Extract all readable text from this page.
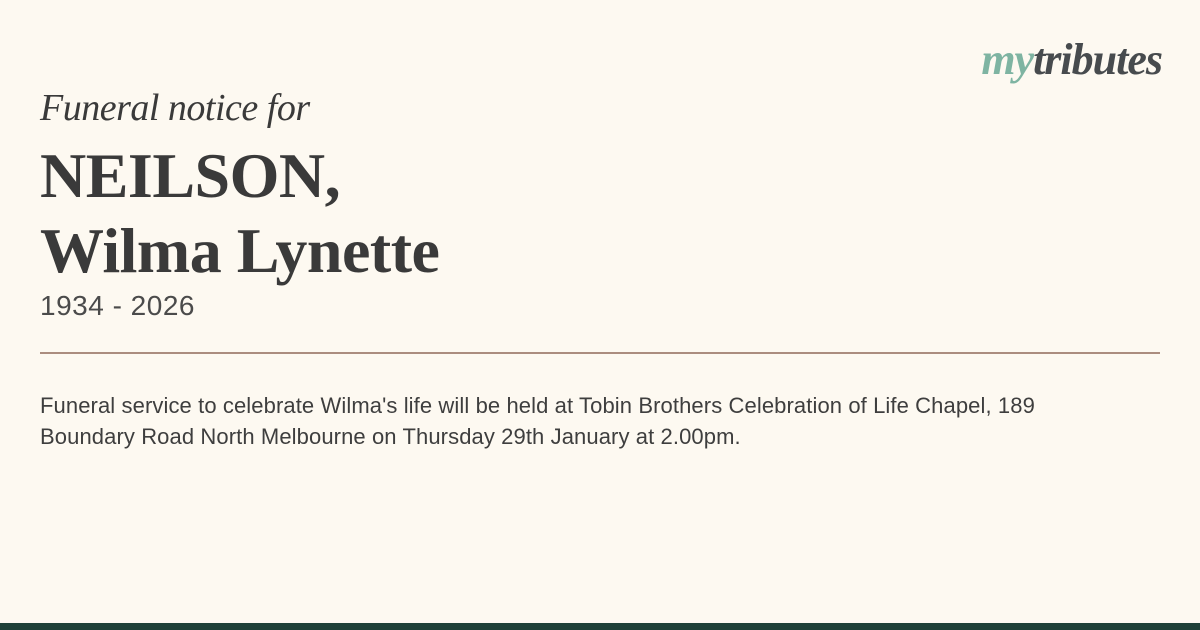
mytributes
Funeral notice for
NEILSON,
Wilma Lynette
1934 - 2026
Funeral service to celebrate Wilma's life will be held at Tobin Brothers Celebration of Life Chapel, 189 Boundary Road North Melbourne on Thursday 29th January at 2.00pm.
